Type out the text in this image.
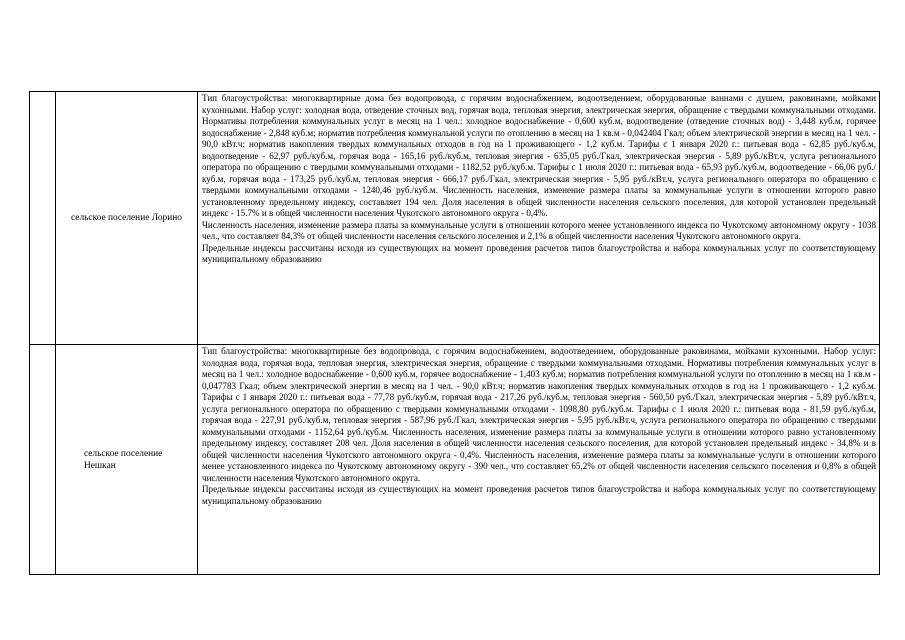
	сельское поселение Лорино	Тип благоустройства: многоквартирные дома без водопровода, с горячим водоснабжением, водоотведением, оборудованные ваннами с душем, раковинами, мойками кухонными. Набор услуг: холодная вода, отведение сточных вод, горячая вода, тепловая энергия, электрическая энергия, обращение с твердыми коммунальными отходами. Нормативы потребления коммунальных услуг в месяц на 1 чел.: холодное водоснабжение - 0,600 куб.м, водоотведение (отведение сточных вод) - 3,448 куб.м, горячее водоснабжение - 2,848 куб.м; норматив потребления коммунальной услуги по отоплению в месяц на 1 кв.м - 0,042404 Гкал; объем электрической энергии в месяц на 1 чел. - 90,0 кВт.ч; норматив накопления твердых коммунальных отходов в год на 1 проживающего - 1,2 куб.м. Тарифы с 1 января 2020 г.: питьевая вода - 62,85 руб./куб.м, водоотведение - 62,97 руб./куб.м, горячая вода - 165,16 руб./куб.м, тепловая энергия - 635,05 руб./Гкал, электрическая энергия - 5,89 руб./кВт.ч, услуга регионального оператора по обращению с твердыми коммунальными отходами - 1182,52 руб./куб.м. Тарифы с 1 июля 2020 г.: питьевая вода - 65,93 руб./куб.м, водоотведение - 66,06 руб./куб.м, горячая вода - 173,25 руб./куб.м, тепловая энергия - 666,17 руб./Гкал, электрическая энергия - 5,95 руб./кВт.ч, услуга регионального оператора по обращению с твердыми коммунальными отходами - 1240,46 руб./куб.м. Численность населения, изменение размера платы за коммунальные услуги в отношении которого равно установленному предельному индексу, составляет 194 чел. Доля населения в общей численности населения сельского поселения, для которой установлен предельный индекс - 15.7% и в общей численности населения Чукотского автономного округа - 0,4%.

Численность населения, изменение размера платы за коммунальные услуги в отношении которого менее установленного индекса по Чукотскому автономному округу - 1038 чел., что составляет 84,3% от общей численности населения сельского поселения и 2,1% в общей численности населения Чукотского автономного округа.

Предельные индексы рассчитаны исходя из существующих на момент проведения расчетов типов благоустройства и набора коммунальных услуг по соответствующему муниципальному образованию

	сельское поселение Нешкан	Тип благоустройства: многоквартирные без водопровода, с горячим водоснабжением, водоотведением, оборудованные раковинами, мойками кухонными. Набор услуг: холодная вода, горячая вода, тепловая энергия, электрическая энергия, обращение с твердыми коммунальными отходами. Нормативы потребления коммунальных услуг в месяц на 1 чел.: холодное водоснабжение - 0,600 куб.м, горячее водоснабжение - 1,403 куб.м; норматив потребления коммунальной услуги по отоплению в месяц на 1 кв.м - 0,047783 Гкал; объем электрической энергии в месяц на 1 чел. - 90,0 кВт.ч; норматив накопления твердых коммунальных отходов в год на 1 проживающего - 1,2 куб.м. Тарифы с 1 января 2020 г.: питьевая вода - 77,78 руб./куб.м, горячая вода - 217,26 руб./куб.м, тепловая энергия - 560,50 руб./Гкал, электрическая энергия - 5,89 руб./кВт.ч, услуга регионального оператора по обращению с твердыми коммунальными отходами - 1098,80 руб./куб.м. Тарифы с 1 июля 2020 г.: питьевая вода - 81,59 руб./куб.м, горячая вода - 227,91 руб./куб.м, тепловая энергия - 587,96 руб./Гкал, электрическая энергия - 5,95 руб./кВт.ч, услуга регионального оператора по обращению с твердыми коммунальными отходами - 1152,64 руб./куб.м. Численность населения, изменение размера платы за коммунальные услуги в отношении которого равно установленному предельному индексу, составляет 208 чел. Доля населения в общей численности населения сельского поселения, для которой установлен предельный индекс - 34,8% и в общей численности населения Чукотского автономного округа - 0,4%. Численность населения, изменение размера платы за коммунальные услуги в отношении которого менее установленного индекса по Чукотскому автономному округу - 390 чел., что составляет 65,2% от общей численности населения сельского поселения и 0,8% в общей численности населения Чукотского автономного округа.

Предельные индексы рассчитаны исходя из существующих на момент проведения расчетов типов благоустройства и набора коммунальных услуг по соответствующему муниципальному образованию
